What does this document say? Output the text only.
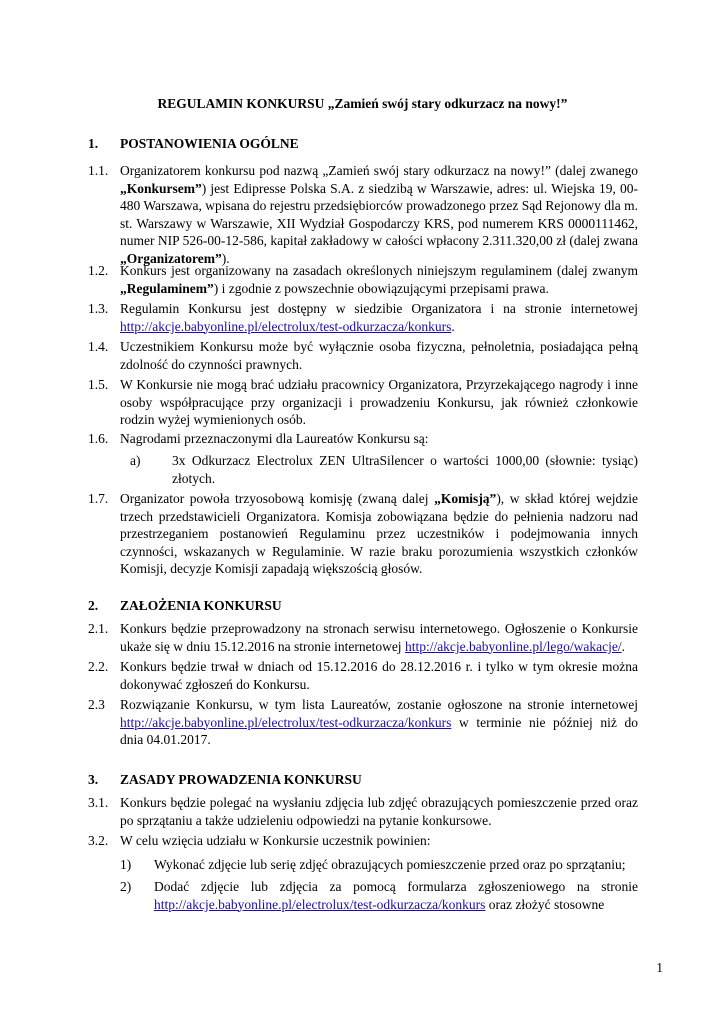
REGULAMIN KONKURSU „Zamień swój stary odkurzacz na nowy!”
1. POSTANOWIENIA OGÓLNE
1.1. Organizatorem konkursu pod nazwą „Zamień swój stary odkurzacz na nowy!” (dalej zwanego „Konkursem”) jest Edipresse Polska S.A. z siedzibą w Warszawie, adres: ul. Wiejska 19, 00-480 Warszawa, wpisana do rejestru przedsiębiorców prowadzonego przez Sąd Rejonowy dla m. st. Warszawy w Warszawie, XII Wydział Gospodarczy KRS, pod numerem KRS 0000111462, numer NIP 526-00-12-586, kapitał zakładowy w całości wpłacony 2.311.320,00 zł (dalej zwana „Organizatorem”).
1.2. Konkurs jest organizowany na zasadach określonych niniejszym regulaminem (dalej zwanym „Regulaminem”) i zgodnie z powszechnie obowiązującymi przepisami prawa.
1.3. Regulamin Konkursu jest dostępny w siedzibie Organizatora i na stronie internetowej http://akcje.babyonline.pl/electrolux/test-odkurzacza/konkurs.
1.4. Uczestnikiem Konkursu może być wyłącznie osoba fizyczna, pełnoletnia, posiadająca pełną zdolność do czynności prawnych.
1.5. W Konkursie nie mogą brać udziału pracownicy Organizatora, Przyrzekającego nagrody i inne osoby współpracujące przy organizacji i prowadzeniu Konkursu, jak również członkowie rodzin wyżej wymienionych osób.
1.6. Nagrodami przeznaczonymi dla Laureatów Konkursu są:
a) 3x Odkurzacz Electrolux ZEN UltraSilencer o wartości 1000,00 (słownie: tysiąc) złotych.
1.7. Organizator powoła trzyosobową komisję (zwaną dalej „Komisją”), w skład której wejdzie trzech przedstawicieli Organizatora. Komisja zobowiązana będzie do pełnienia nadzoru nad przestrzeganiem postanowień Regulaminu przez uczestników i podejmowania innych czynności, wskazanych w Regulaminie. W razie braku porozumienia wszystkich członków Komisji, decyzje Komisji zapadają większością głosów.
2. ZAŁOŻENIA KONKURSU
2.1. Konkurs będzie przeprowadzony na stronach serwisu internetowego. Ogłoszenie o Konkursie ukaże się w dniu 15.12.2016 na stronie internetowej http://akcje.babyonline.pl/lego/wakacje/.
2.2. Konkurs będzie trwał w dniach od 15.12.2016 do 28.12.2016 r. i tylko w tym okresie można dokonywać zgłoszeń do Konkursu.
2.3 Rozwiązanie Konkursu, w tym lista Laureatów, zostanie ogłoszone na stronie internetowej http://akcje.babyonline.pl/electrolux/test-odkurzacza/konkurs w terminie nie później niż do dnia 04.01.2017.
3. ZASADY PROWADZENIA KONKURSU
3.1. Konkurs będzie polegać na wysłaniu zdjęcia lub zdjęć obrazujących pomieszczenie przed oraz po sprzątaniu a także udzieleniu odpowiedzi na pytanie konkursowe.
3.2. W celu wzięcia udziału w Konkursie uczestnik powinien:
1) Wykonać zdjęcie lub serię zdjęć obrazujących pomieszczenie przed oraz po sprzątaniu;
2) Dodać zdjęcie lub zdjęcia za pomocą formularza zgłoszeniowego na stronie http://akcje.babyonline.pl/electrolux/test-odkurzacza/konkurs oraz złożyć stosowne
1
